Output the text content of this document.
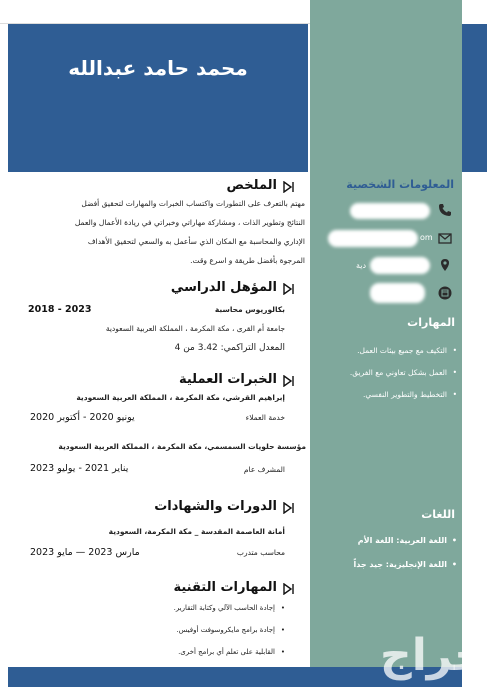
محمد حامد عبدالله
المعلومات الشخصية
om
دية
المهارات
• التكيف مع جميع بيئات العمل.
• العمل بشكل تعاوني مع الفريق.
• التخطيط والتطوير النفسي.
اللغات
• اللغة العربية: اللغة الأم
• اللغة الإنجليزية: جيد جداً
الملخص
مهتم بالتعرف على التطورات واكتساب الخبرات والمهارات لتحقيق أفضل
النتائج وتطوير الذات ، ومشاركة مهاراتي وخبراتي في ريادة الأعمال والعمل
الإداري والمحاسبة مع المكان الذي سأعمل به والسعي لتحقيق الأهداف
المرجوة بأفضل طريقة و اسرع وقت.
المؤهل الدراسي
بكالوريوس محاسبة
2018 - 2023
جامعة أم القرى ، مكة المكرمة ، المملكة العربية السعودية
المعدل التراكمي: 3.42 من 4
الخبرات العملية
إبراهيم القرشي، مكة المكرمة ، المملكة العربية السعودية
خدمة العملاء
يونيو 2020 - أكتوبر 2020
مؤسسة حلويات السمسمي، مكة المكرمة ، المملكة العربية السعودية
المشرف عام
يناير 2021 - يوليو 2023
الدورات والشهادات
أمانة العاصمة المقدسة _ مكة المكرمة، السعودية
محاسب متدرب
مارس 2023 — مايو 2023
المهارات التقنية
• إجادة الحاسب الآلي وكتابة التقارير.
• إجادة برامج مايكروسوفت أوفيس.
• القابلية على تعلم أي برامج أخرى. حراج
